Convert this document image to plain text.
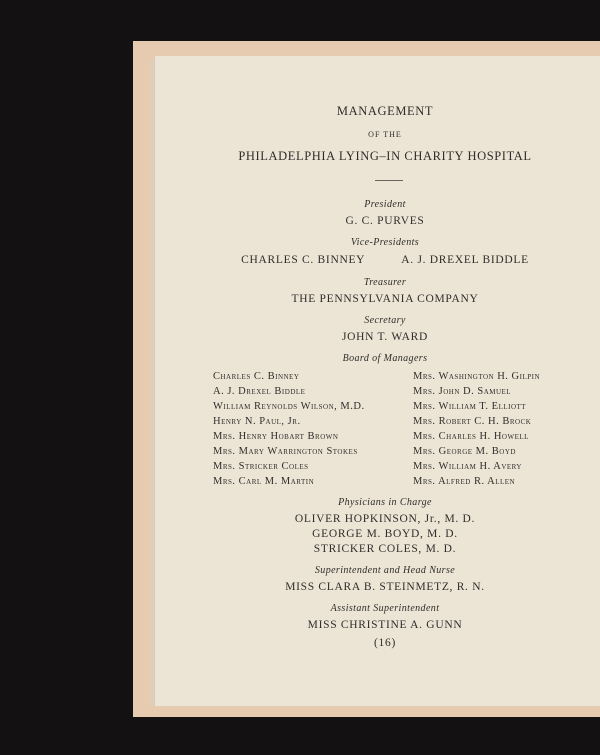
MANAGEMENT
OF THE
PHILADELPHIA LYING–IN CHARITY HOSPITAL
President
G. C. PURVES
Vice-Presidents
CHARLES C. BINNEY	A. J. DREXEL BIDDLE
Treasurer
THE PENNSYLVANIA COMPANY
Secretary
JOHN T. WARD
Board of Managers
Charles C. Binney
A. J. Drexel Biddle
William Reynolds Wilson, M.D.
Henry N. Paul, Jr.
Mrs. Henry Hobart Brown
Mrs. Mary Warrington Stokes
Mrs. Stricker Coles
Mrs. Carl M. Martin
Mrs. Washington H. Gilpin
Mrs. John D. Samuel
Mrs. William T. Elliott
Mrs. Robert C. H. Brock
Mrs. Charles H. Howell
Mrs. George M. Boyd
Mrs. William H. Avery
Mrs. Alfred R. Allen
Physicians in Charge
OLIVER HOPKINSON, Jr., M. D.
GEORGE M. BOYD, M. D.
STRICKER COLES, M. D.
Superintendent and Head Nurse
MISS CLARA B. STEINMETZ, R. N.
Assistant Superintendent
MISS CHRISTINE A. GUNN
(16)
